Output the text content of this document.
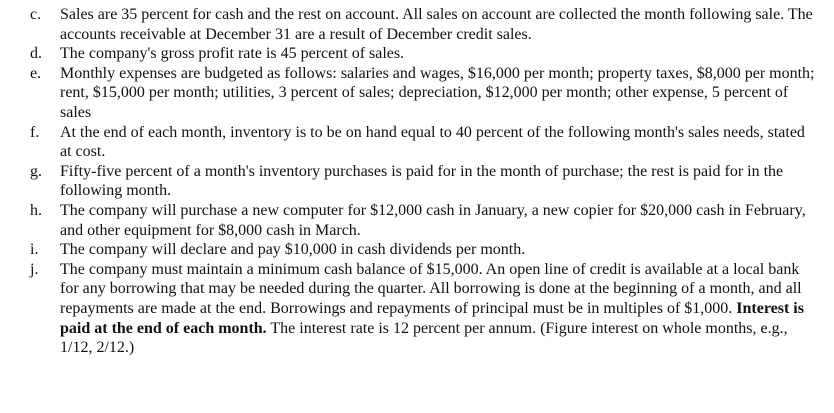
c.	Sales are 35 percent for cash and the rest on account. All sales on account are collected the month following sale. The accounts receivable at December 31 are a result of December credit sales.
d.	The company's gross profit rate is 45 percent of sales.
e.	Monthly expenses are budgeted as follows: salaries and wages, $16,000 per month; property taxes, $8,000 per month; rent, $15,000 per month; utilities, 3 percent of sales; depreciation, $12,000 per month; other expense, 5 percent of sales
f.	At the end of each month, inventory is to be on hand equal to 40 percent of the following month's sales needs, stated at cost.
g.	Fifty-five percent of a month's inventory purchases is paid for in the month of purchase; the rest is paid for in the following month.
h.	The company will purchase a new computer for $12,000 cash in January, a new copier for $20,000 cash in February, and other equipment for $8,000 cash in March.
i.	The company will declare and pay $10,000 in cash dividends per month.
j.	The company must maintain a minimum cash balance of $15,000. An open line of credit is available at a local bank for any borrowing that may be needed during the quarter. All borrowing is done at the beginning of a month, and all repayments are made at the end. Borrowings and repayments of principal must be in multiples of $1,000. Interest is paid at the end of each month. The interest rate is 12 percent per annum. (Figure interest on whole months, e.g., 1/12, 2/12.)
